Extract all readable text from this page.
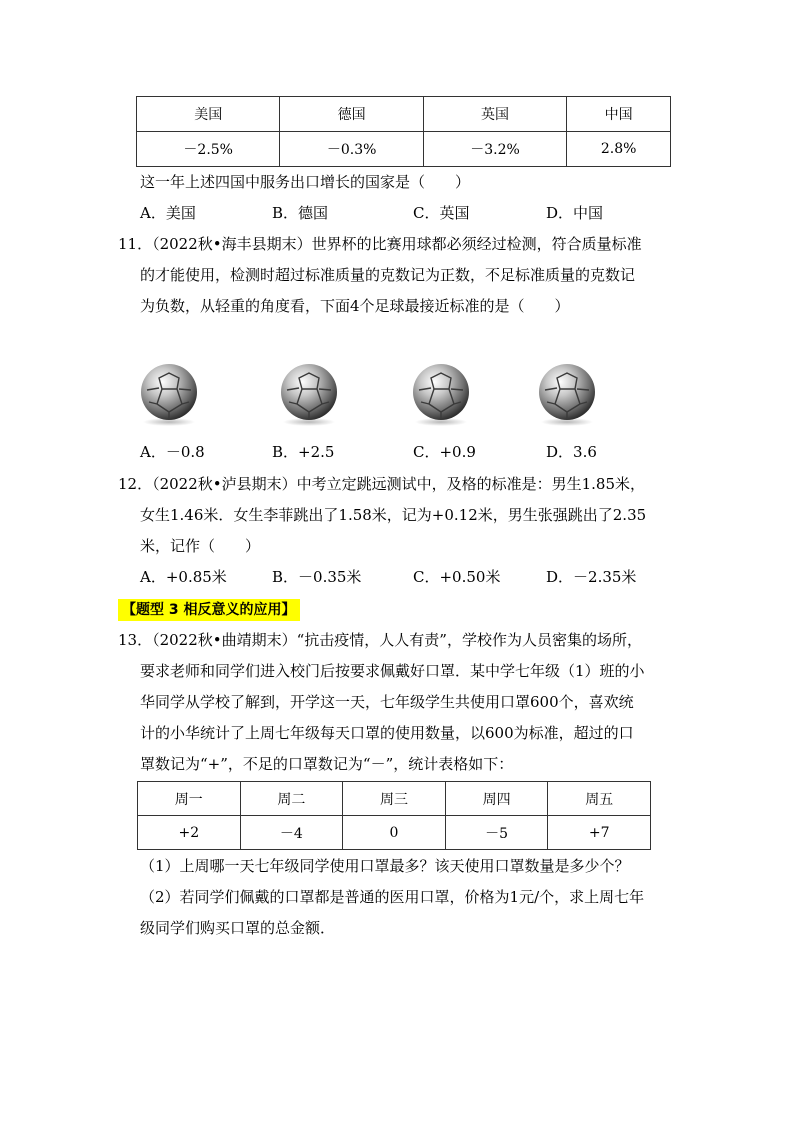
美国	德国	英国	中国
－2.5%	－0.3%	－3.2%	2.8%
这一年上述四国中服务出口增长的国家是（　　）
A．美国	B．德国	C．英国	D．中国
11．（2022秋•海丰县期末）世界杯的比赛用球都必须经过检测，符合质量标准
的才能使用，检测时超过标准质量的克数记为正数，不足标准质量的克数记
为负数，从轻重的角度看，下面4个足球最接近标准的是（　　）
A．－0.8	B．+2.5	C．+0.9	D．3.6
12．（2022秋•泸县期末）中考立定跳远测试中，及格的标准是：男生1.85米，
女生1.46米．女生李菲跳出了1.58米，记为+0.12米，男生张强跳出了2.35
米，记作（　　）
A．+0.85米	B．－0.35米	C．+0.50米	D．－2.35米
【题型 3 相反意义的应用】
13．（2022秋•曲靖期末）“抗击疫情，人人有责”，学校作为人员密集的场所，
要求老师和同学们进入校门后按要求佩戴好口罩．某中学七年级（1）班的小
华同学从学校了解到，开学这一天，七年级学生共使用口罩600个，喜欢统
计的小华统计了上周七年级每天口罩的使用数量，以600为标准，超过的口
罩数记为“+”，不足的口罩数记为“－”，统计表格如下：
周一	周二	周三	周四	周五
+2	－4	0	－5	+7
（1）上周哪一天七年级同学使用口罩最多？该天使用口罩数量是多少个？
（2）若同学们佩戴的口罩都是普通的医用口罩，价格为1元/个，求上周七年
级同学们购买口罩的总金额．
